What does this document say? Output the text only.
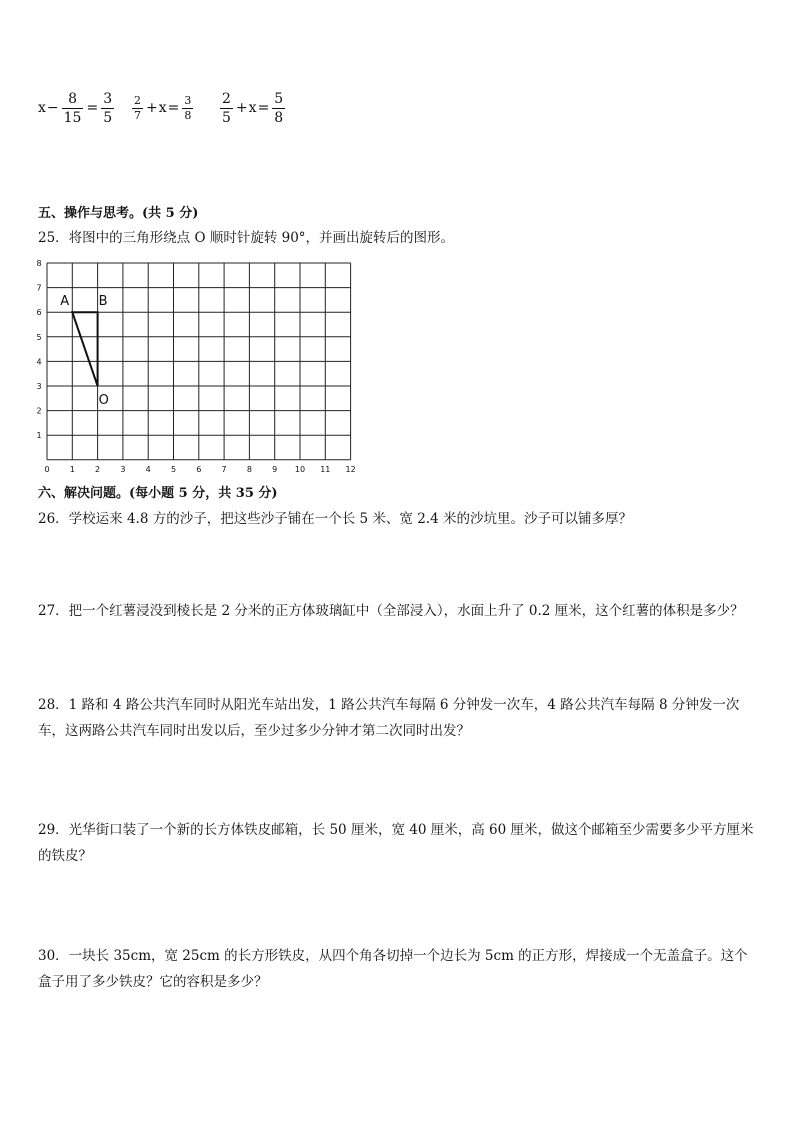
$x - \frac{8}{15} = \frac{3}{5} \frac{2}{7} + x = \frac{3}{8} \frac{2}{5} + x = \frac{5}{8}$
五、操作与思考。(共 5 分)
25．将图中的三角形绕点 O 顺时针旋转 90°，并画出旋转后的图形。
0	1	2	3	4	5	6	7	8	9 10 11 12
1
2
3
4
5
6
7
8
A B
O
六、解决问题。(每小题 5 分，共 35 分)
26．学校运来 4.8 方的沙子，把这些沙子铺在一个长 5 米、宽 2.4 米的沙坑里。沙子可以铺多厚？
27．把一个红薯浸没到棱长是 2 分米的正方体玻璃缸中（全部浸入），水面上升了 0.2 厘米，这个红薯的体积是多少？
28．1 路和 4 路公共汽车同时从阳光车站出发，1 路公共汽车每隔 6 分钟发一次车，4 路公共汽车每隔 8 分钟发一次车，这两路公共汽车同时出发以后，至少过多少分钟才第二次同时出发？
29．光华街口装了一个新的长方体铁皮邮箱，长 50 厘米，宽 40 厘米，高 60 厘米，做这个邮箱至少需要多少平方厘米的铁皮？
30．一块长 35cm，宽 25cm 的长方形铁皮，从四个角各切掉一个边长为 5cm 的正方形，焊接成一个无盖盒子。这个盒子用了多少铁皮？它的容积是多少？
